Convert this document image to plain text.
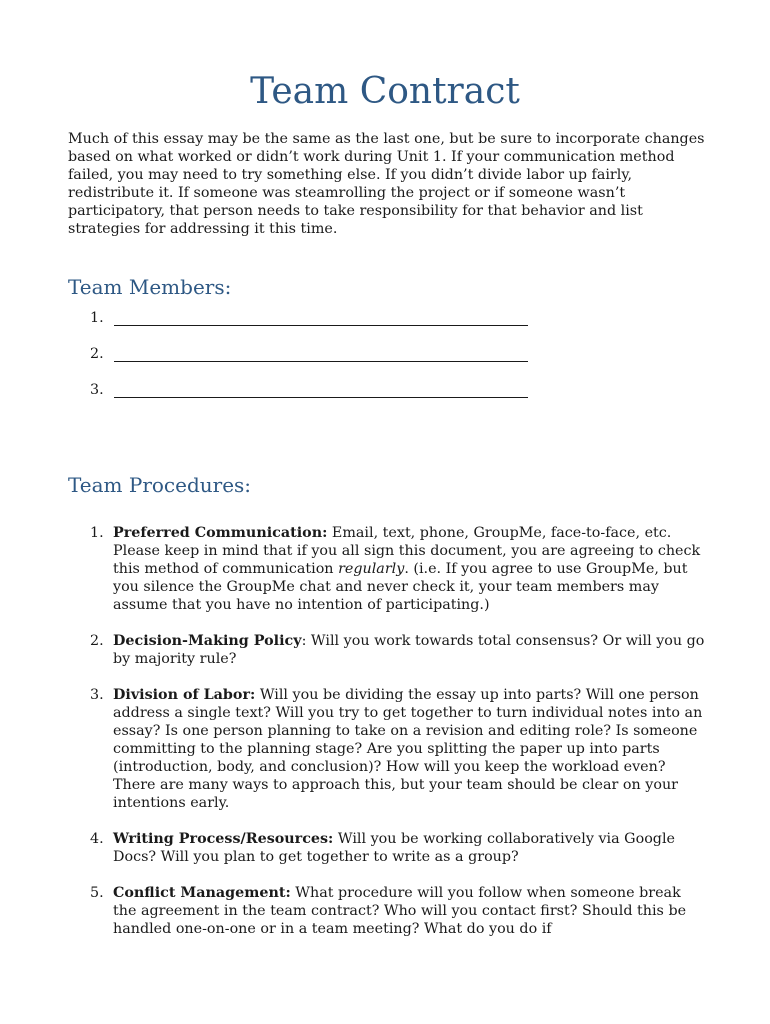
Team Contract

Much of this essay may be the same as the last one, but be sure to incorporate changes based on what worked or didn’t work during Unit 1. If your communication method failed, you may need to try something else. If you didn’t divide labor up fairly, redistribute it. If someone was steamrolling the project or if someone wasn’t participatory, that person needs to take responsibility for that behavior and list strategies for addressing it this time.

Team Members:
1.
2.
3.
Team Procedures:
1. Preferred Communication: Email, text, phone, GroupMe, face-to-face, etc. Please keep in mind that if you all sign this document, you are agreeing to check this method of communication regularly. (i.e. If you agree to use GroupMe, but you silence the GroupMe chat and never check it, your team members may assume that you have no intention of participating.)
2. Decision-Making Policy: Will you work towards total consensus? Or will you go by majority rule?
3. Division of Labor: Will you be dividing the essay up into parts? Will one person address a single text? Will you try to get together to turn individual notes into an essay? Is one person planning to take on a revision and editing role? Is someone committing to the planning stage? Are you splitting the paper up into parts (introduction, body, and conclusion)? How will you keep the workload even? There are many ways to approach this, but your team should be clear on your intentions early.
4. Writing Process/Resources: Will you be working collaboratively via Google Docs? Will you plan to get together to write as a group?
5. Conflict Management: What procedure will you follow when someone break the agreement in the team contract? Who will you contact first? Should this be handled one-on-one or in a team meeting? What do you do if
